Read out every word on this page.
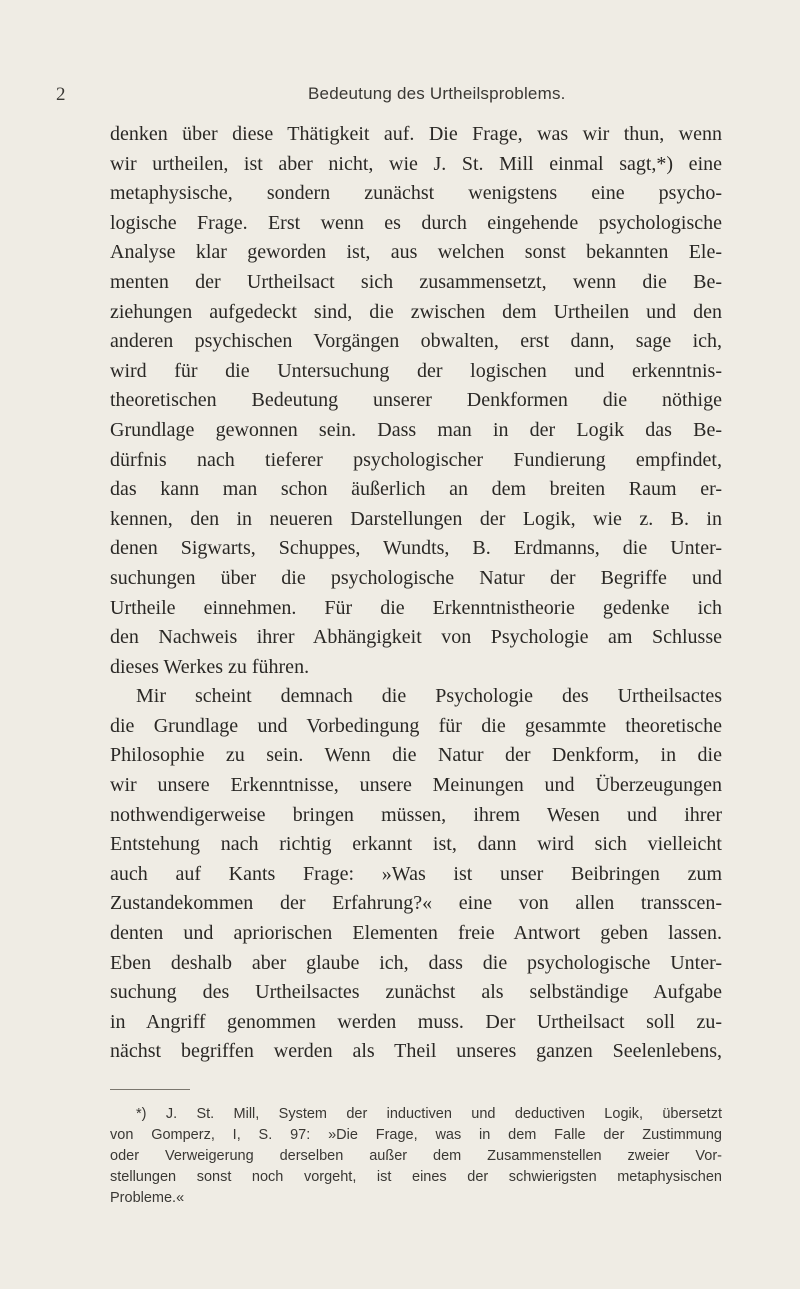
2	Bedeutung des Urtheilsproblems.
denken über diese Thätigkeit auf. Die Frage, was wir thun, wenn
wir urtheilen, ist aber nicht, wie J. St. Mill einmal sagt,*) eine
metaphysische, sondern zunächst wenigstens eine psycho-
logische Frage. Erst wenn es durch eingehende psychologische
Analyse klar geworden ist, aus welchen sonst bekannten Ele-
menten der Urtheilsact sich zusammensetzt, wenn die Be-
ziehungen aufgedeckt sind, die zwischen dem Urtheilen und den
anderen psychischen Vorgängen obwalten, erst dann, sage ich,
wird für die Untersuchung der logischen und erkenntnis-
theoretischen Bedeutung unserer Denkformen die nöthige
Grundlage gewonnen sein. Dass man in der Logik das Be-
dürfnis nach tieferer psychologischer Fundierung empfindet,
das kann man schon äußerlich an dem breiten Raum er-
kennen, den in neueren Darstellungen der Logik, wie z. B. in
denen Sigwarts, Schuppes, Wundts, B. Erdmanns, die Unter-
suchungen über die psychologische Natur der Begriffe und
Urtheile einnehmen. Für die Erkenntnistheorie gedenke ich
den Nachweis ihrer Abhängigkeit von Psychologie am Schlusse
dieses Werkes zu führen.
Mir scheint demnach die Psychologie des Urtheilsactes
die Grundlage und Vorbedingung für die gesammte theoretische
Philosophie zu sein. Wenn die Natur der Denkform, in die
wir unsere Erkenntnisse, unsere Meinungen und Überzeugungen
nothwendigerweise bringen müssen, ihrem Wesen und ihrer
Entstehung nach richtig erkannt ist, dann wird sich vielleicht
auch auf Kants Frage: »Was ist unser Beibringen zum
Zustandekommen der Erfahrung?« eine von allen transscen-
denten und apriorischen Elementen freie Antwort geben lassen.
Eben deshalb aber glaube ich, dass die psychologische Unter-
suchung des Urtheilsactes zunächst als selbständige Aufgabe
in Angriff genommen werden muss. Der Urtheilsact soll zu-
nächst begriffen werden als Theil unseres ganzen Seelenlebens,
*) J. St. Mill, System der inductiven und deductiven Logik, übersetzt
von Gomperz, I, S. 97: »Die Frage, was in dem Falle der Zustimmung
oder Verweigerung derselben außer dem Zusammenstellen zweier Vor-
stellungen sonst noch vorgeht, ist eines der schwierigsten metaphysischen
Probleme.«
